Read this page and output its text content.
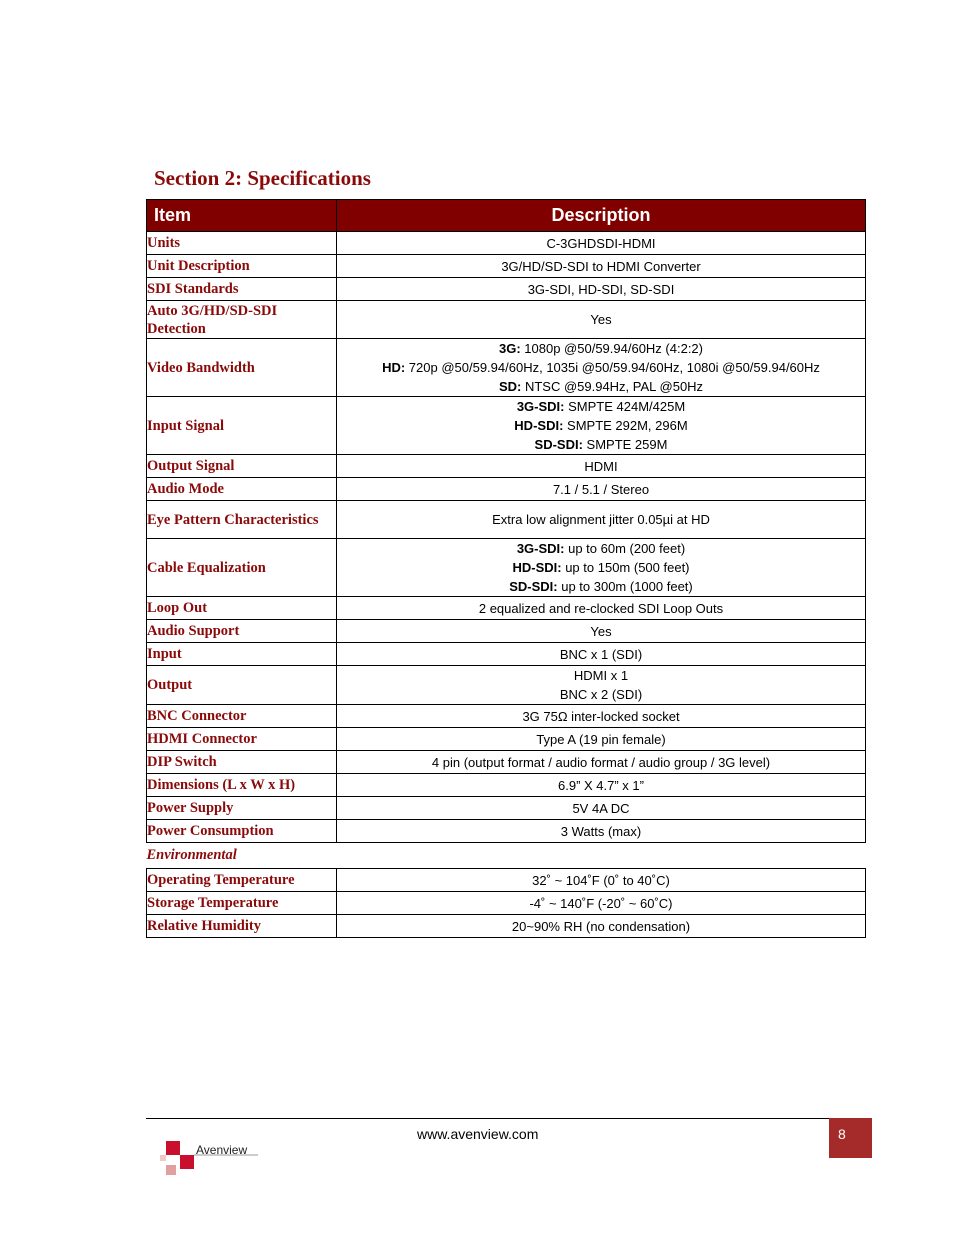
Section 2: Specifications
Item	Description
Units	C-3GHDSDI-HDMI

Unit Description	3G/HD/SD-SDI to HDMI Converter

SDI Standards	3G-SDI, HD-SDI, SD-SDI

Auto 3G/HD/SD-SDI Detection	Yes

Video Bandwidth	3G: 1080p @50/59.94/60Hz (4:2:2)
HD: 720p @50/59.94/60Hz, 1035i @50/59.94/60Hz, 1080i @50/59.94/60Hz
SD: NTSC @59.94Hz, PAL @50Hz

Input Signal	3G-SDI: SMPTE 424M/425M
HD-SDI: SMPTE 292M, 296M
SD-SDI: SMPTE 259M

Output Signal	HDMI

Audio Mode	7.1 / 5.1 / Stereo

Eye Pattern Characteristics	Extra low alignment jitter 0.05µi at HD

Cable Equalization	3G-SDI: up to 60m (200 feet)
HD-SDI: up to 150m (500 feet)
SD-SDI: up to 300m (1000 feet)

Loop Out	2 equalized and re-clocked SDI Loop Outs

Audio Support	Yes

Input	BNC x 1 (SDI)

Output	HDMI x 1
BNC x 2 (SDI)

BNC Connector	3G 75Ω inter-locked socket

HDMI Connector	Type A (19 pin female)

DIP Switch	4 pin (output format / audio format / audio group / 3G level)

Dimensions (L x W x H)	6.9” X 4.7” x 1”

Power Supply	5V 4A DC

Power Consumption	3 Watts (max)

Environmental	
Operating Temperature	32˚ ~ 104˚F (0˚ to 40˚C)

Storage Temperature	-4˚ ~ 140˚F (-20˚ ~ 60˚C)

Relative Humidity	20~90% RH (no condensation)
www.avenview.com	8
Avenview
